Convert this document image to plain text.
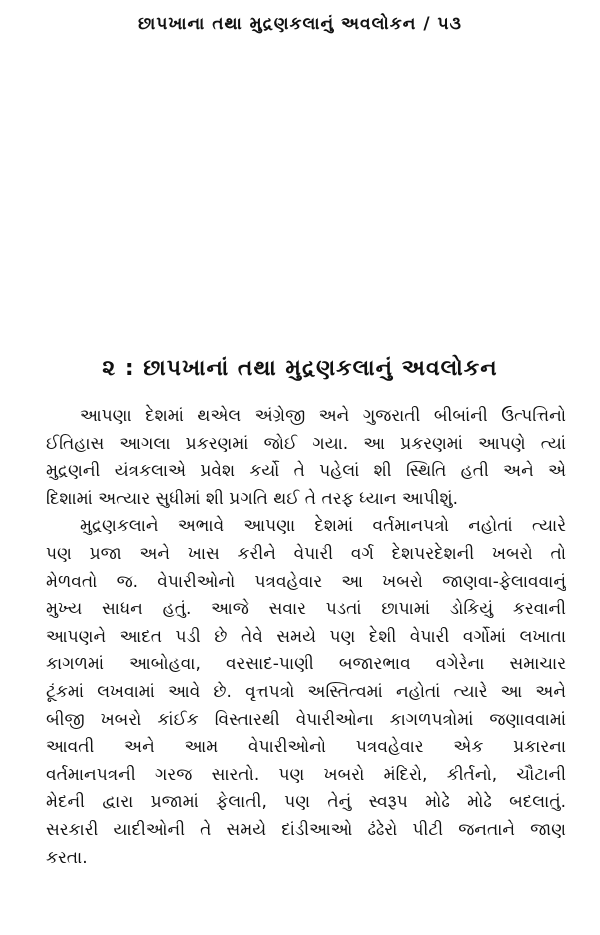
છાપખાના તથા મુદ્રણકલાનું અવલોકન / ૫૩
૨ : છાપખાનાં તથા મુદ્રણકલાનું અવલોકન
આપણા દેશમાં થએલ અંગ્રેજી અને ગુજરાતી બીબાંની ઉત્પત્તિનો
ઈતિહાસ આગલા પ્રકરણમાં જોઈ ગયા. આ પ્રકરણમાં આપણે ત્યાં
મુદ્રણની યંત્રકલાએ પ્રવેશ કર્યો તે પહેલાં શી સ્થિતિ હતી અને એ
દિશામાં અત્યાર સુધીમાં શી પ્રગતિ થઈ તે તરફ ધ્યાન આપીશું.
મુદ્રણકલાને અભાવે આપણા દેશમાં વર્તમાનપત્રો નહોતાં ત્યારે
પણ પ્રજા અને ખાસ કરીને વેપારી વર્ગ દેશપરદેશની ખબરો તો
મેળવતો જ. વેપારીઓનો પત્રવહેવાર આ ખબરો જાણવા-ફેલાવવાનું
મુખ્ય સાધન હતું. આજે સવાર પડતાં છાપામાં ડોકિયું કરવાની
આપણને આદત પડી છે તેવે સમયે પણ દેશી વેપારી વર્ગોમાં લખાતા
કાગળમાં આબોહવા, વરસાદ-પાણી બજારભાવ વગેરેના સમાચાર
ટૂંકમાં લખવામાં આવે છે. વૃત્તપત્રો અસ્તિત્વમાં નહોતાં ત્યારે આ અને
બીજી ખબરો કાંઈક વિસ્તારથી વેપારીઓના કાગળપત્રોમાં જણાવવામાં
આવતી અને આમ વેપારીઓનો પત્રવહેવાર એક પ્રકારના
વર્તમાનપત્રની ગરજ સારતો. પણ ખબરો મંદિરો, કીર્તનો, ચૌટાની
મેદની દ્વારા પ્રજામાં ફેલાતી, પણ તેનું સ્વરૂપ મોઢે મોઢે બદલાતું.
સરકારી યાદીઓની તે સમયે દાંડીઆઓ ઢંઢેરો પીટી જનતાને જાણ
કરતા.
